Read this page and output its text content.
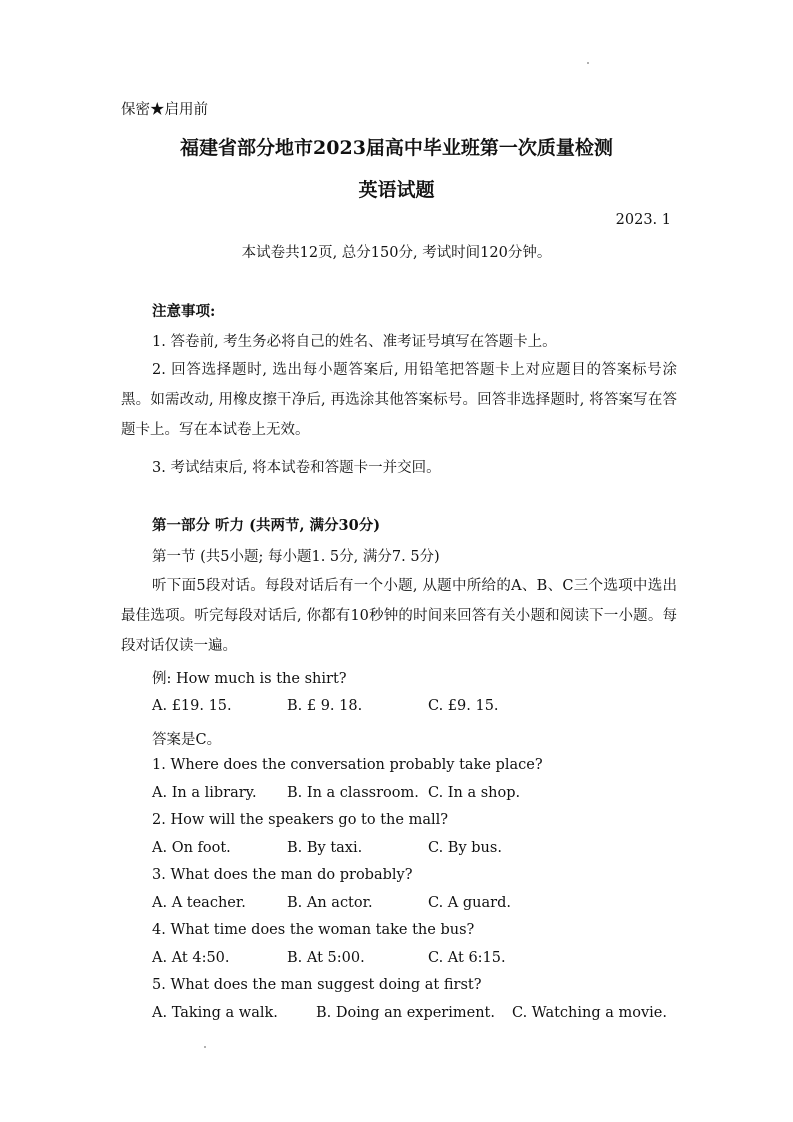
保密★启用前
福建省部分地市2023届高中毕业班第一次质量检测
英语试题
2023. 1
本试卷共12页, 总分150分, 考试时间120分钟。
注意事项:
1. 答卷前, 考生务必将自己的姓名、准考证号填写在答题卡上。
2. 回答选择题时, 选出每小题答案后, 用铅笔把答题卡上对应题目的答案标号涂黑。如需改动, 用橡皮擦干净后, 再选涂其他答案标号。回答非选择题时, 将答案写在答题卡上。写在本试卷上无效。
3. 考试结束后, 将本试卷和答题卡一并交回。
第一部分 听力 (共两节, 满分30分)
第一节 (共5小题; 每小题1. 5分, 满分7. 5分)
听下面5段对话。每段对话后有一个小题, 从题中所给的A、B、C三个选项中选出最佳选项。听完每段对话后, 你都有10秒钟的时间来回答有关小题和阅读下一小题。每段对话仅读一遍。
例: How much is the shirt?
A. £19. 15.	B. £ 9. 18.	C. £9. 15.
答案是C。
1. Where does the conversation probably take place?
A. In a library. B. In a classroom. C. In a shop.
2. How will the speakers go to the mall?
A. On foot.	B. By taxi.	C. By bus.
3. What does the man do probably?
A. A teacher.	B. An actor.	C. A guard.
4. What time does the woman take the bus?
A. At 4:50.	B. At 5:00.	C. At 6:15.
5. What does the man suggest doing at first?
A. Taking a walk.	B. Doing an experiment. C. Watching a movie.
